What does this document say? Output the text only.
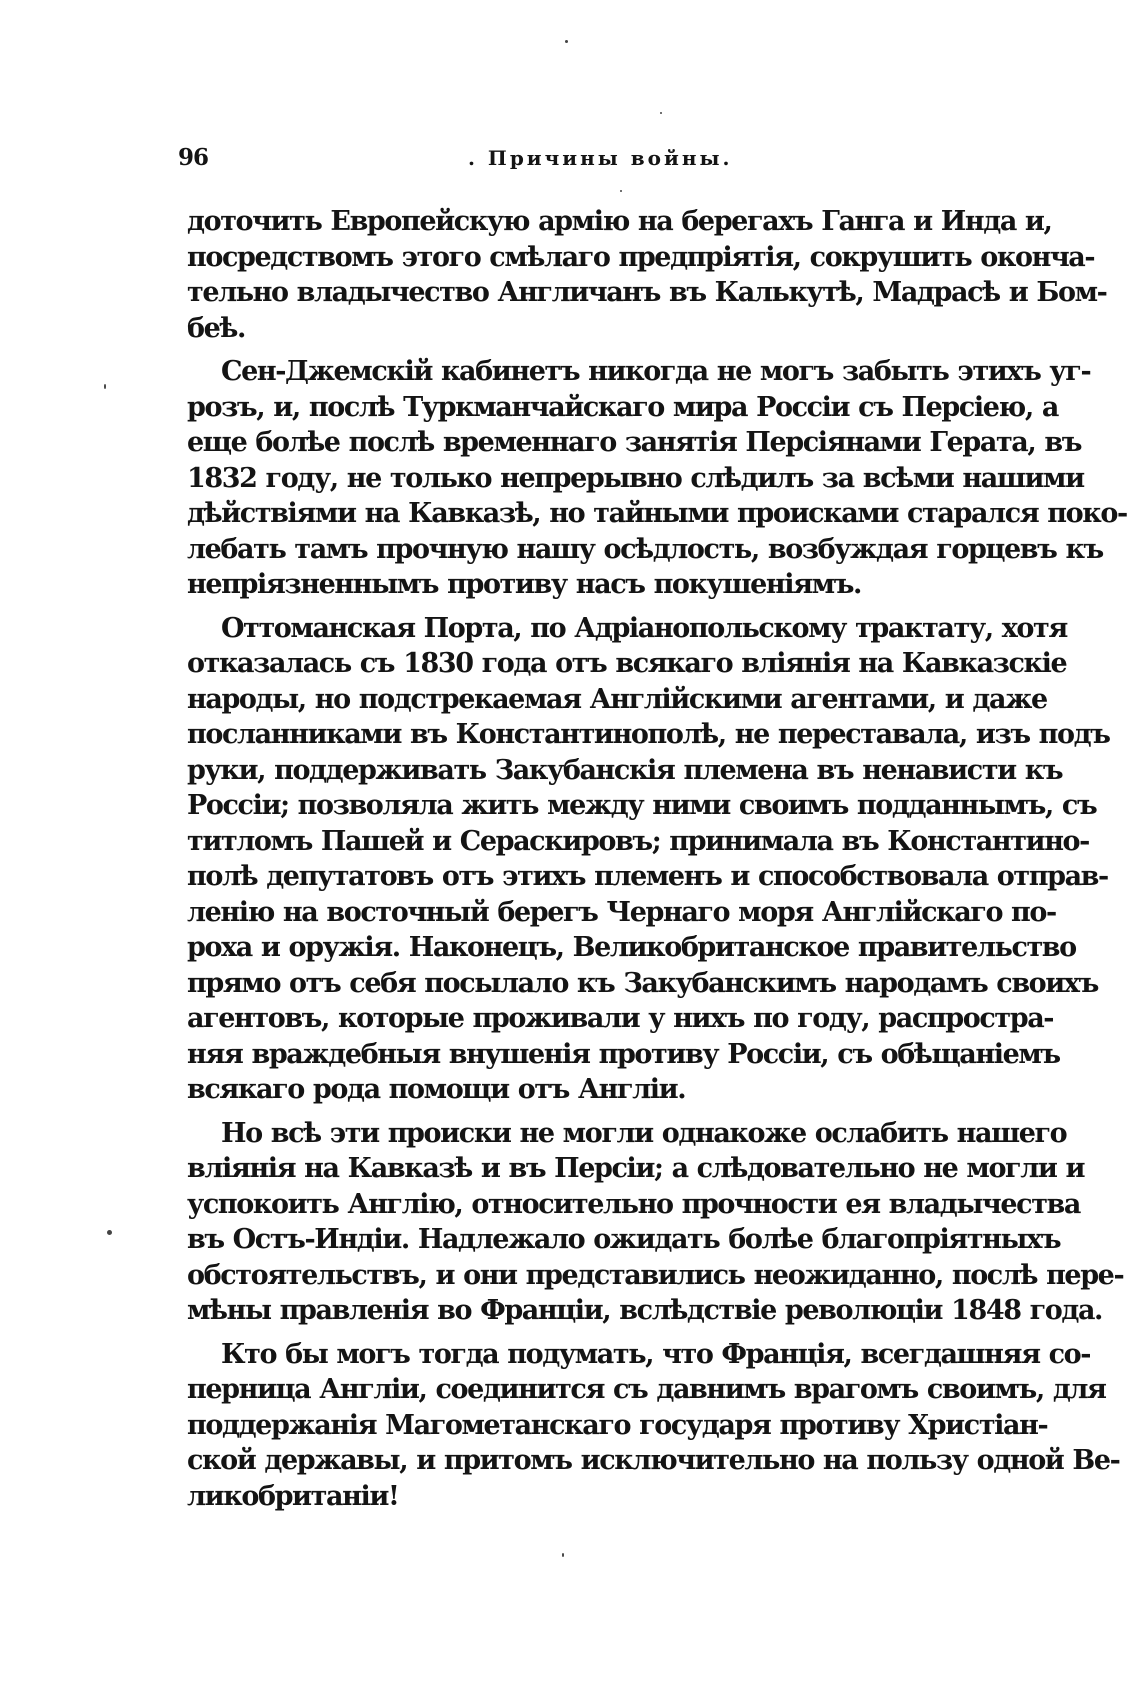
96	. Причины войны.
доточить Европейскую армію на берегахъ Ганга и Инда и,
посредствомъ этого смѣлаго предпріятія, сокрушить оконча-
тельно владычество Англичанъ въ Калькутѣ, Мадрасѣ и Бом-
беѣ.
Сен-Джемскій кабинетъ никогда не могъ забыть этихъ уг-
розъ, и, послѣ Туркманчайскаго мира Россіи съ Персіею, а
еще болѣе послѣ временнаго занятія Персіянами Герата, въ
1832 году, не только непрерывно слѣдилъ за всѣми нашими
дѣйствіями на Кавказѣ, но тайными происками старался поко-
лебать тамъ прочную нашу осѣдлость, возбуждая горцевъ къ
непріязненнымъ противу насъ покушеніямъ.
Оттоманская Порта, по Адріанопольскому трактату, хотя
отказалась съ 1830 года отъ всякаго вліянія на Кавказскіе
народы, но подстрекаемая Англійскими агентами, и даже
посланниками въ Константинополѣ, не переставала, изъ подъ
руки, поддерживать Закубанскія племена въ ненависти къ
Россіи; позволяла жить между ними своимъ подданнымъ, съ
титломъ Пашей и Сераскировъ; принимала въ Константино-
полѣ депутатовъ отъ этихъ племенъ и способствовала отправ-
ленію на восточный берегъ Чернаго моря Англійскаго по-
роха и оружія. Наконецъ, Великобританское правительство
прямо отъ себя посылало къ Закубанскимъ народамъ своихъ
агентовъ, которые проживали у нихъ по году, распростра-
няя враждебныя внушенія противу Россіи, съ обѣщаніемъ
всякаго рода помощи отъ Англіи.
Но всѣ эти происки не могли однакоже ослабить нашего
вліянія на Кавказѣ и въ Персіи; а слѣдовательно не могли и
успокоить Англію, относительно прочности ея владычества
въ Остъ-Индіи. Надлежало ожидать болѣе благопріятныхъ
обстоятельствъ, и они представились неожиданно, послѣ пере-
мѣны правленія во Франціи, вслѣдствіе революціи 1848 года.
Кто бы могъ тогда подумать, что Франція, всегдашняя со-
перница Англіи, соединится съ давнимъ врагомъ своимъ, для
поддержанія Магометанскаго государя противу Христіан-
ской державы, и притомъ исключительно на пользу одной Ве-
ликобританіи!
